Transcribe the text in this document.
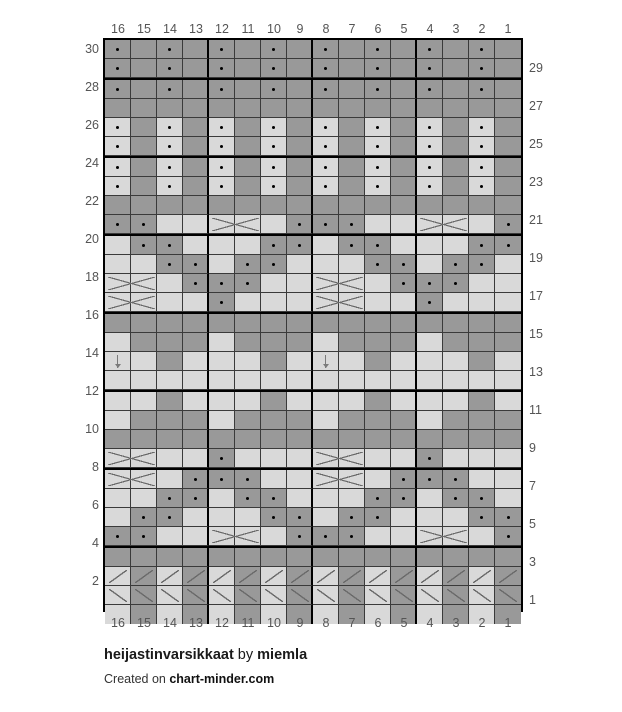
16 15 14 13 12	11	10	9	8	7	6	5	4	3	2	1
30
28
26
24
22
20
18
16
14
12
10
8
6
4
2
29
27
25
23
21
19
17
15
13
11
9
7
5
3
1
16 15 14 13 12	11	10	9	8	7	6	5	4	3	2	1
heijastinvarsikkaat by miemla
Created on chart-minder.com
